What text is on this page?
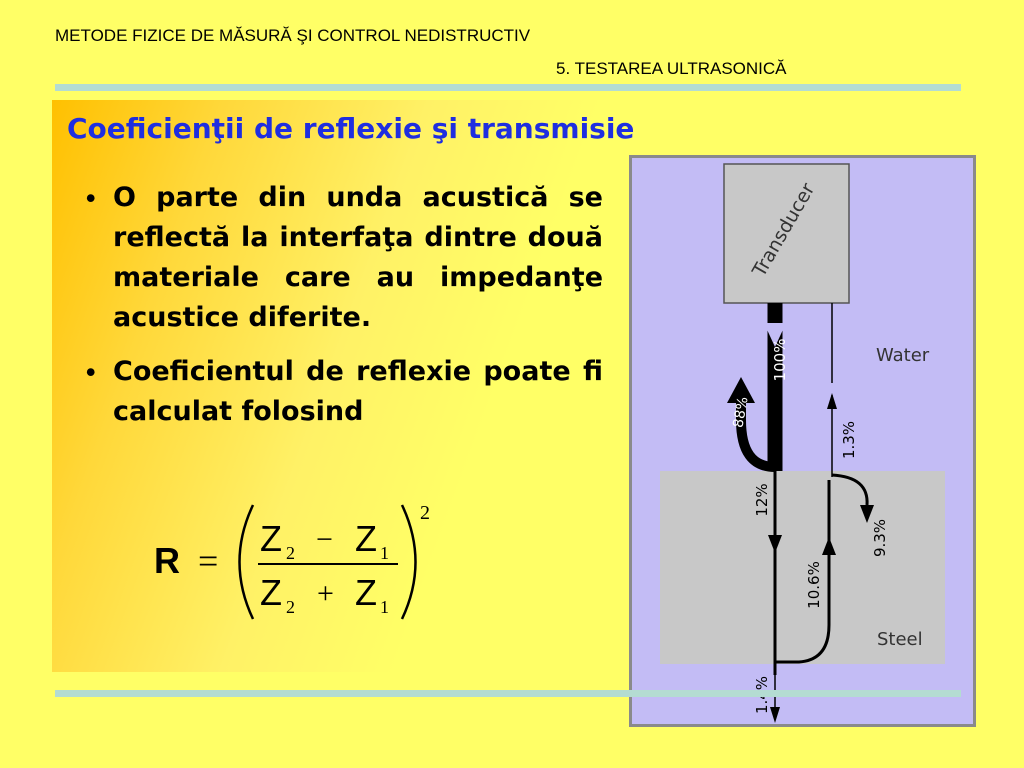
METODE FIZICE DE MĂSURĂ ŞI CONTROL NEDISTRUCTIV
5. TESTAREA ULTRASONICĂ
Coeficienţii de reflexie şi transmisie
• O parte din unda acustică se reflectă la interfaţa dintre două materiale care au impedanţe acustice diferite.
• Coeficientul de reflexie poate fi calculat folosind
R =
2
Z 2 − Z 1
Z 2 + Z 1
Transducer
Water
Steel
100%
88%
12%
10.6%
9.3%
1.3%
